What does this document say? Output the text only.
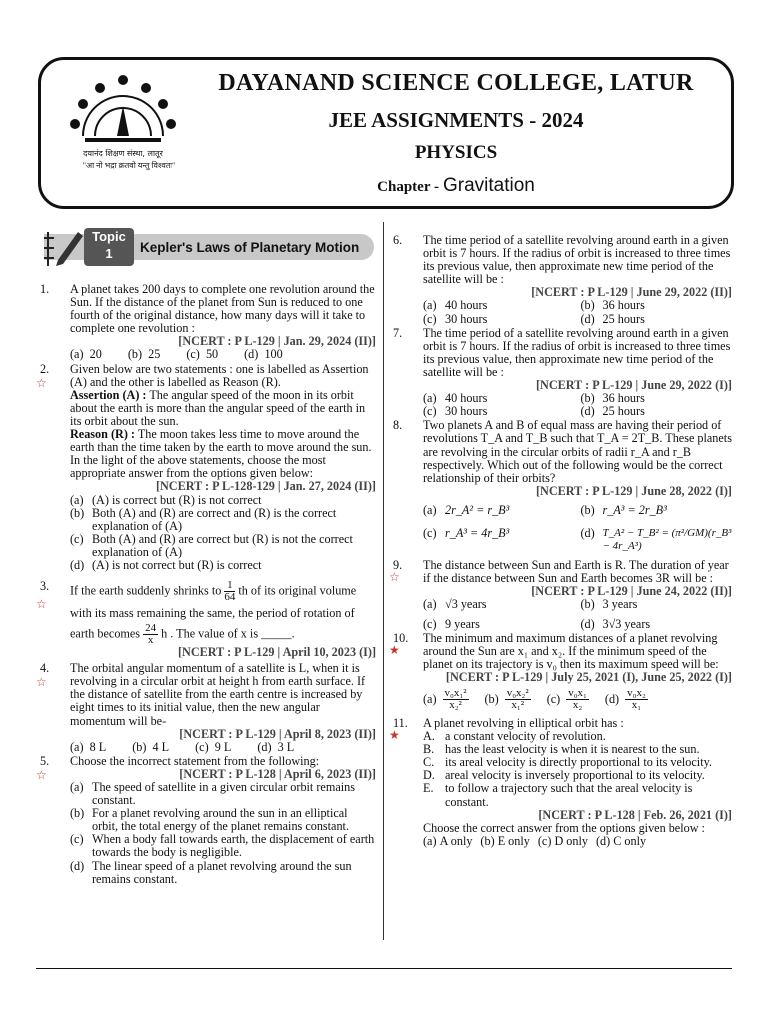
दयानंद शिक्षण संस्था, लातूर
"आ नो भद्रा क्रतवो यन्तु विश्वतः"
DAYANAND SCIENCE COLLEGE, LATUR
JEE ASSIGNMENTS - 2024
PHYSICS
Chapter - Gravitation
Topic
1	Kepler's Laws of Planetary Motion
1. A planet takes 200 days to complete one revolution around the Sun. If the distance of the planet from Sun is reduced to one fourth of the original distance, how many days will it take to complete one revolution :
[NCERT : P L-129 | Jan. 29, 2024 (II)]
(a) 20 (b) 25 (c) 50 (d) 100
2.
☆
Given below are two statements : one is labelled as Assertion (A) and the other is labelled as Reason (R).
Assertion (A) : The angular speed of the moon in its orbit about the earth is more than the angular speed of the earth in its orbit about the sun.
Reason (R) : The moon takes less time to move around the earth than the time taken by the earth to move around the sun.
In the light of the above statements, choose the most appropriate answer from the options given below:
[NCERT : P L-128-129 | Jan. 27, 2024 (II)]
(a) (A) is correct but (R) is not correct
(b) Both (A) and (R) are correct and (R) is the correct explanation of (A)
(c) Both (A) and (R) are correct but (R) is not the correct explanation of (A)
(d) (A) is not correct but (R) is correct
3.
☆
If the earth suddenly shrinks to $\frac{1}{64}$ th of its original volume with its mass remaining the same, the period of rotation of earth becomes $\frac{24}{x}$ h . The value of x is _____.
[NCERT : P L-129 | April 10, 2023 (I)]
4.
☆
The orbital angular momentum of a satellite is L, when it is revolving in a circular orbit at height h from earth surface. If the distance of satellite from the earth centre is increased by eight times to its initial value, then the new angular momentum will be-
[NCERT : P L-129 | April 8, 2023 (II)]
(a) 8 L (b) 4 L (c) 9 L (d) 3 L
5.
☆
Choose the incorrect statement from the following:
[NCERT : P L-128 | April 6, 2023 (II)]
(a) The speed of satellite in a given circular orbit remains constant.
(b) For a planet revolving around the sun in an elliptical orbit, the total energy of the planet remains constant.
(c) When a body fall towards earth, the displacement of earth towards the body is negligible.
(d) The linear speed of a planet revolving around the sun remains constant.
6. The time period of a satellite revolving around earth in a given orbit is 7 hours. If the radius of orbit is increased to three times its previous value, then approximate new time period of the satellite will be :
[NCERT : P L-129 | June 29, 2022 (II)]
(a) 40 hours	(b) 36 hours
(c) 30 hours	(d) 25 hours
7. The time period of a satellite revolving around earth in a given orbit is 7 hours. If the radius of orbit is increased to three times its previous value, then approximate new time period of the satellite will be :
[NCERT : P L-129 | June 29, 2022 (I)]
(a) 40 hours	(b) 36 hours
(c) 30 hours	(d) 25 hours
8. Two planets A and B of equal mass are having their period of revolutions T_A and T_B such that T_A = 2T_B. These planets are revolving in the circular orbits of radii r_A and r_B respectively. Which out of the following would be the correct relationship of their orbits?
[NCERT : P L-129 | June 28, 2022 (I)]
(a) 2r_A² = r_B³	(b) r_A³ = 2r_B³
(c) r_A³ = 4r_B³	(d) T_A² − T_B² = (π²/GM)(r_B³ − 4r_A³)
9.
☆
The distance between Sun and Earth is R. The duration of year if the distance between Sun and Earth becomes 3R will be :
[NCERT : P L-129 | June 24, 2022 (II)]
(a) √3 years	(b) 3 years
(c) 9 years	(d) 3√3 years
10.
★
The minimum and maximum distances of a planet revolving around the Sun are x₁ and x₂. If the minimum speed of the planet on its trajectory is v₀ then its maximum speed will be:
[NCERT : P L-129 | July 25, 2021 (I), June 25, 2022 (I)]
$(a) \frac{\text{v₀x₁²}}{\text{x₂²}} (b) \frac{\text{v₀x₂²}}{\text{x₁²}} (c) \frac{\text{v₀x₁}}{\text{x₂}} (d) \frac{\text{v₀x₂}}{\text{x₁}}$
11.
★
A planet revolving in elliptical orbit has :
A. a constant velocity of revolution.
B. has the least velocity is when it is nearest to the sun.
C. its areal velocity is directly proportional to its velocity.
D. areal velocity is inversely proportional to its velocity.
E. to follow a trajectory such that the areal velocity is constant.
[NCERT : P L-128 | Feb. 26, 2021 (I)]
Choose the correct answer from the options given below :
(a) A only (b) E only (c) D only (d) C only
